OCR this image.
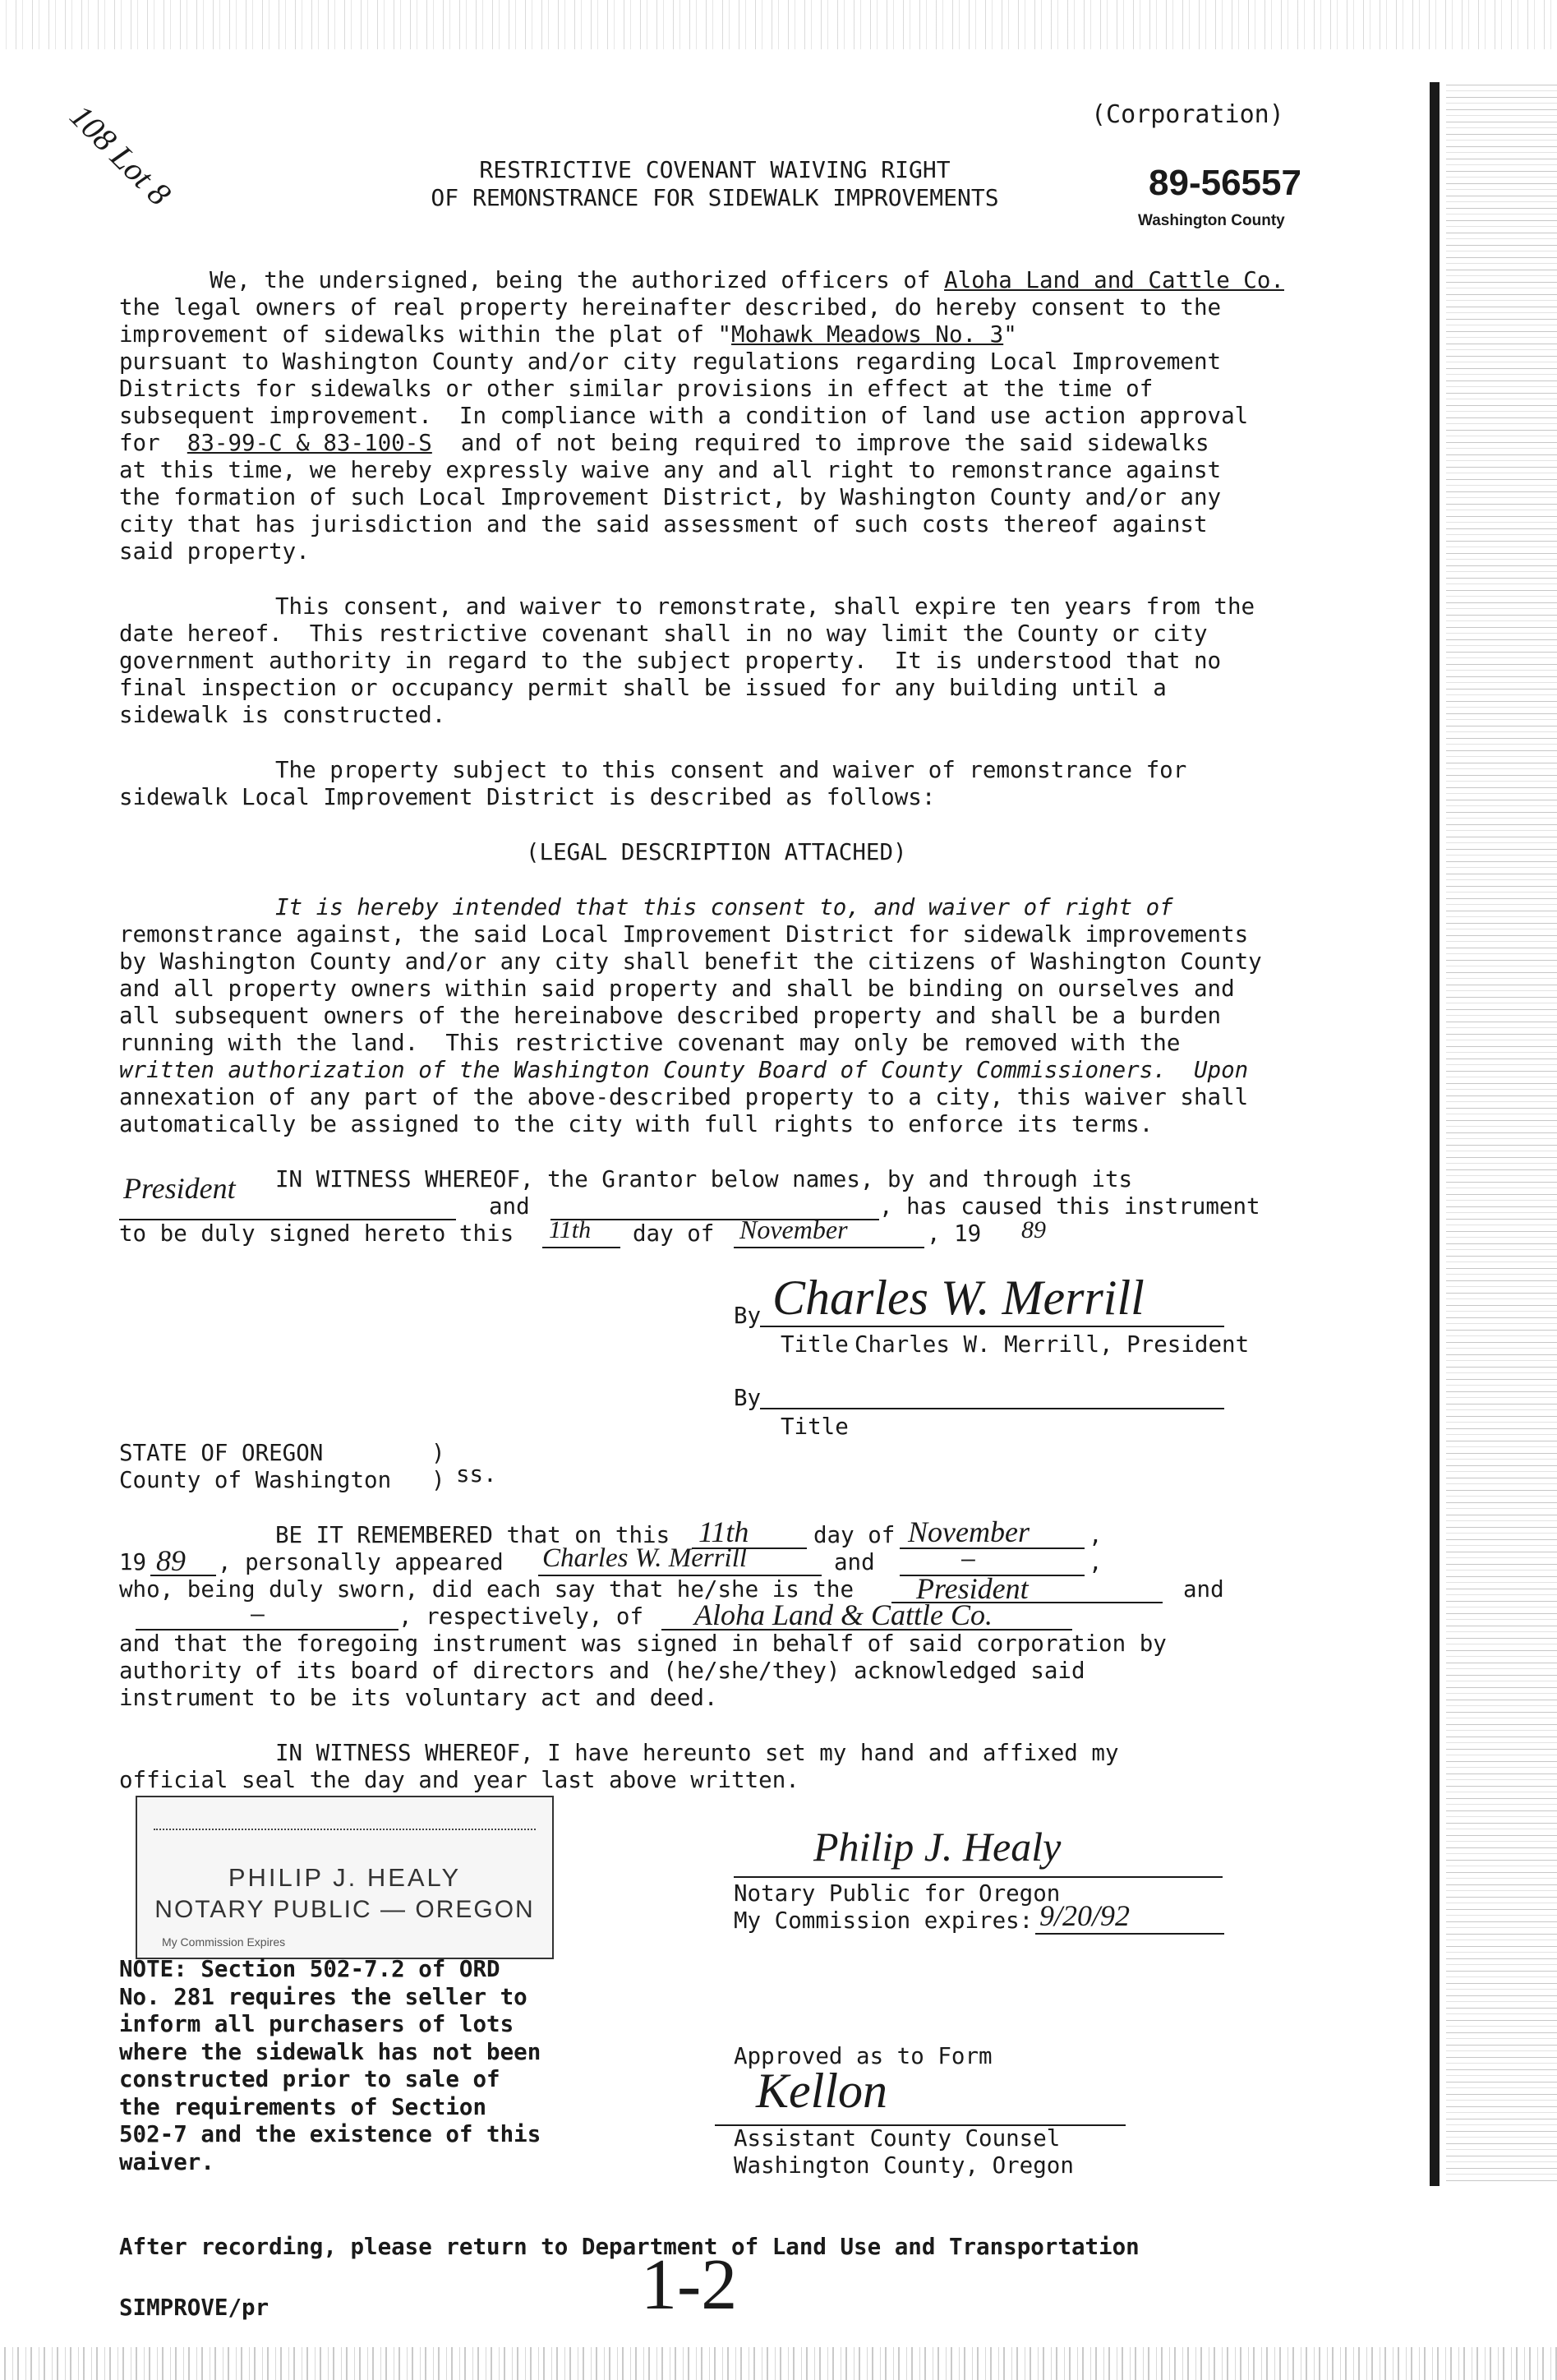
108 Lot 8	(Corporation)
RESTRICTIVE COVENANT WAIVING RIGHT
OF REMONSTRANCE FOR SIDEWALK IMPROVEMENTS	89-56557
Washington County
We, the undersigned, being the authorized officers of Aloha Land and Cattle Co.
the legal owners of real property hereinafter described, do hereby consent to the
improvement of sidewalks within the plat of "Mohawk Meadows No. 3"
pursuant to Washington County and/or city regulations regarding Local Improvement
Districts for sidewalks or other similar provisions in effect at the time of
subsequent improvement.  In compliance with a condition of land use action approval
for 83-99-C & 83-100-S and of not being required to improve the said sidewalks
at this time, we hereby expressly waive any and all right to remonstrance against
the formation of such Local Improvement District, by Washington County and/or any
city that has jurisdiction and the said assessment of such costs thereof against
said property.
This consent, and waiver to remonstrate, shall expire ten years from the
date hereof.  This restrictive covenant shall in no way limit the County or city
government authority in regard to the subject property.  It is understood that no
final inspection or occupancy permit shall be issued for any building until a
sidewalk is constructed.
The property subject to this consent and waiver of remonstrance for
sidewalk Local Improvement District is described as follows:
(LEGAL DESCRIPTION ATTACHED)
It is hereby intended that this consent to, and waiver of right of
remonstrance against, the said Local Improvement District for sidewalk improvements
by Washington County and/or any city shall benefit the citizens of Washington County
and all property owners within said property and shall be binding on ourselves and
all subsequent owners of the hereinabove described property and shall be a burden
running with the land.  This restrictive covenant may only be removed with the
written authorization of the Washington County Board of County Commissioners.  Upon
annexation of any part of the above-described property to a city, this waiver shall
automatically be assigned to the city with full rights to enforce its terms.
IN WITNESS WHEREOF, the Grantor below names, by and through its
President
and	, has caused this instrument
to be duly signed hereto this	11th day of November	, 19 89
By Charles W. Merrill
Title Charles W. Merrill, President
By
Title
STATE OF OREGON	)
County of Washington ) ss.
BE IT REMEMBERED that on this 11th	day of November	,
19 89 , personally appeared	Charles W. Merrill	and	—	,
who, being duly sworn, did each say that he/she is the	President	and
—	, respectively, of	Aloha Land & Cattle Co.
and that the foregoing instrument was signed in behalf of said corporation by
authority of its board of directors and (he/she/they) acknowledged said
instrument to be its voluntary act and deed.
IN WITNESS WHEREOF, I have hereunto set my hand and affixed my
official seal the day and year last above written.
PHILIP J. HEALY
NOTARY PUBLIC — OREGON
My Commission Expires
Philip J. Healy
Notary Public for Oregon
My Commission expires: 9/20/92
NOTE: Section 502-7.2 of ORD
No. 281 requires the seller to
inform all purchasers of lots
where the sidewalk has not been
constructed prior to sale of
the requirements of Section
502-7 and the existence of this
waiver.
Approved as to Form
Kellon
Assistant County Counsel
Washington County, Oregon
After recording, please return to Department of Land Use and Transportation
SIMPROVE/pr	1-2
